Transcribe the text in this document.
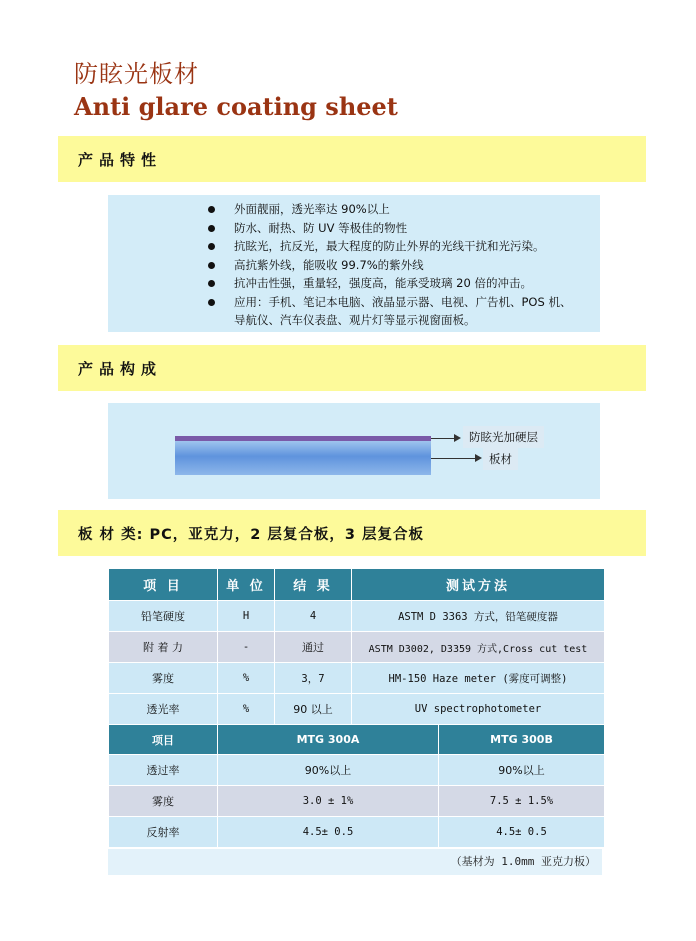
防眩光板材
Anti glare coating sheet
产品特性
外面靓丽，透光率达 90%以上
防水、耐热、防 UV 等极佳的物性
抗眩光，抗反光，最大程度的防止外界的光线干扰和光污染。
高抗紫外线，能吸收 99.7%的紫外线
抗冲击性强，重量轻，强度高，能承受玻璃 20 倍的冲击。
应用：手机、笔记本电脑、液晶显示器、电视、广告机、POS 机、
导航仪、汽车仪表盘、观片灯等显示视窗面板。
产品构成
防眩光加硬层
板材
板 材 类: PC，亚克力，2 层复合板，3 层复合板
项 目	单 位	结 果	测试方法
铅笔硬度	H	4	ASTM D 3363 方式，铅笔硬度器
附 着 力	-	通过	ASTM D3002, D3359 方式,Cross cut test
雾度	%	3，7	HM-150 Haze meter (雾度可调整)
透光率	%	90 以上	UV spectrophotometer
项目	MTG 300A	MTG 300B
透过率	90%以上	90%以上
雾度	3.0 ± 1%	7.5 ± 1.5%
反射率	4.5± 0.5	4.5± 0.5
（基材为 1.0mm 亚克力板）
